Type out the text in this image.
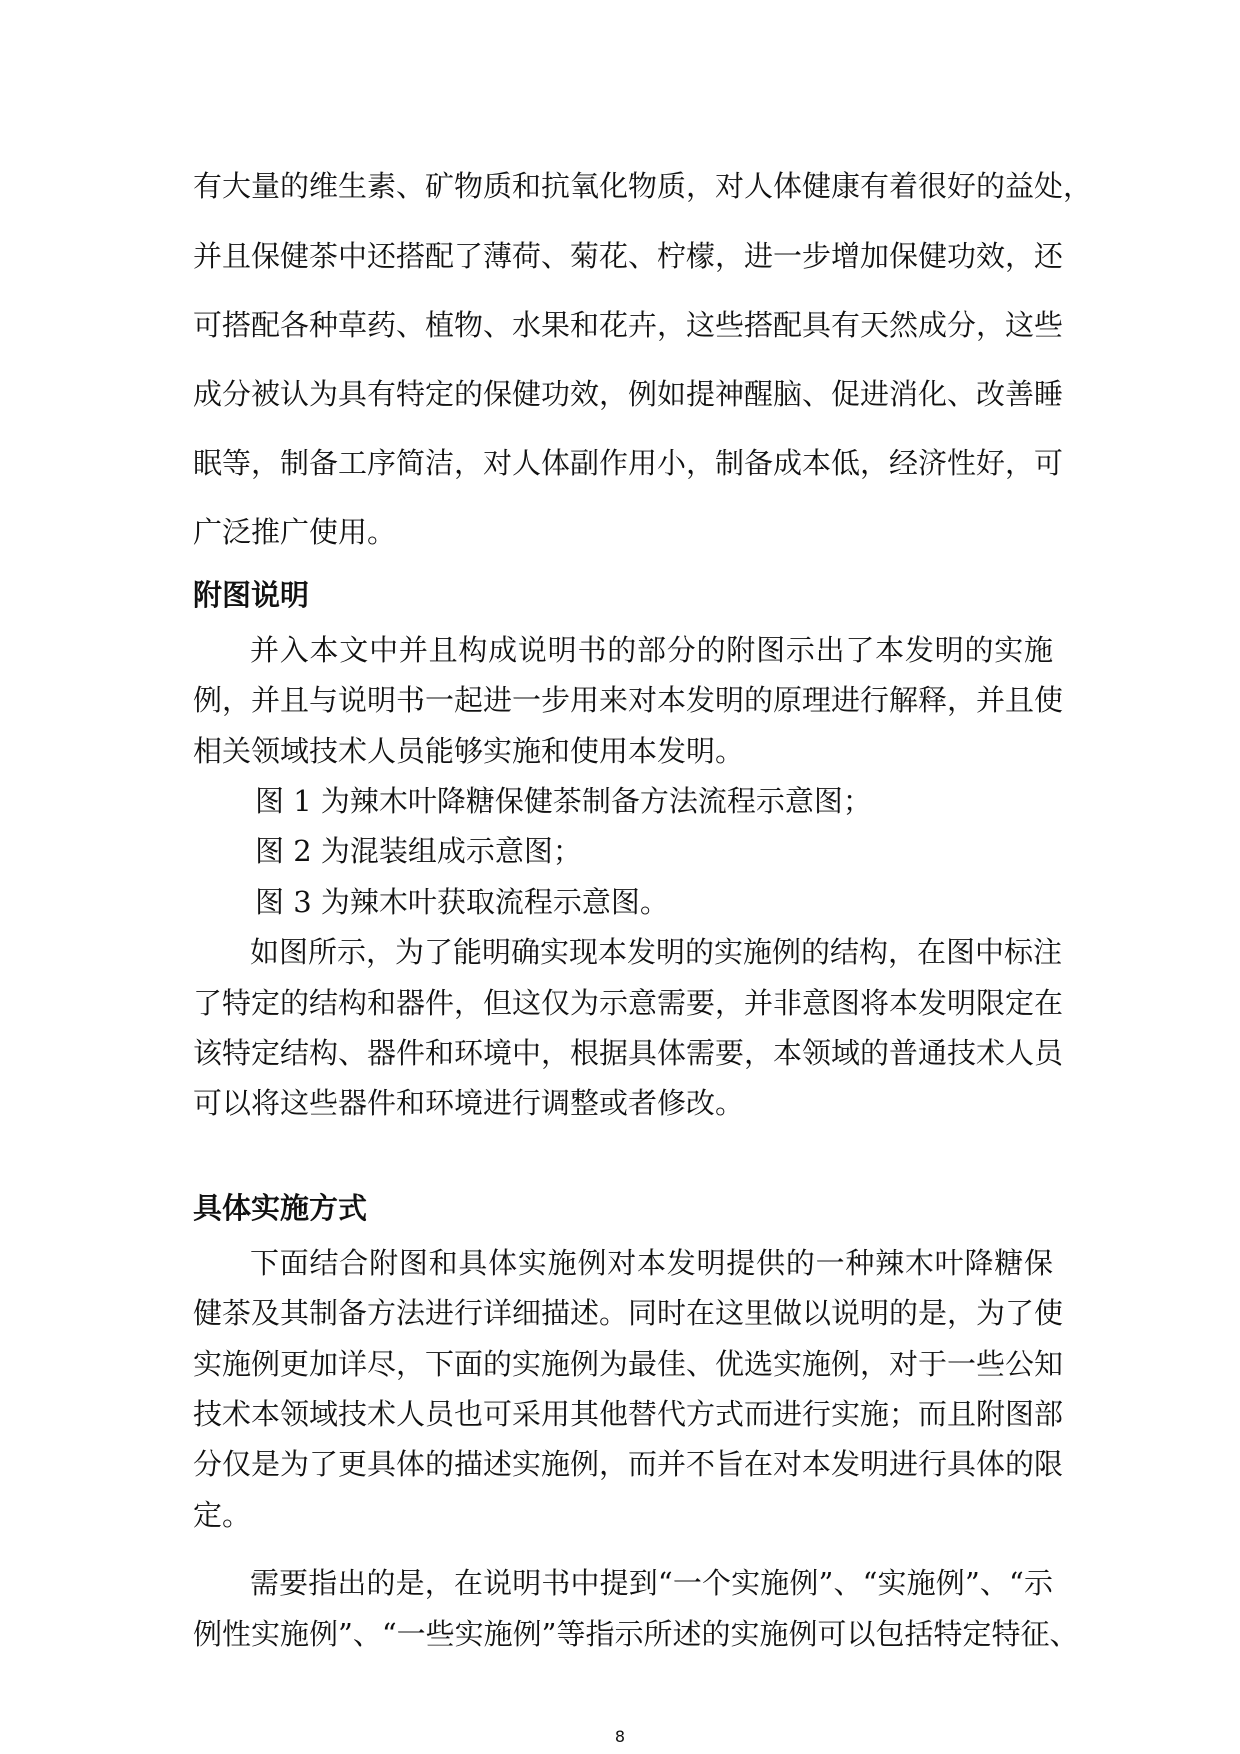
有大量的维生素、矿物质和抗氧化物质，对人体健康有着很好的益处，

并且保健茶中还搭配了薄荷、菊花、柠檬，进一步增加保健功效，还

可搭配各种草药、植物、水果和花卉，这些搭配具有天然成分，这些

成分被认为具有特定的保健功效，例如提神醒脑、促进消化、改善睡

眠等，制备工序简洁，对人体副作用小，制备成本低，经济性好，可

广泛推广使用。

附图说明

并入本文中并且构成说明书的部分的附图示出了本发明的实施

例，并且与说明书一起进一步用来对本发明的原理进行解释，并且使

相关领域技术人员能够实施和使用本发明。

图 1 为辣木叶降糖保健茶制备方法流程示意图；

图 2 为混装组成示意图；

图 3 为辣木叶获取流程示意图。

如图所示，为了能明确实现本发明的实施例的结构，在图中标注

了特定的结构和器件，但这仅为示意需要，并非意图将本发明限定在

该特定结构、器件和环境中，根据具体需要，本领域的普通技术人员

可以将这些器件和环境进行调整或者修改。

具体实施方式

下面结合附图和具体实施例对本发明提供的一种辣木叶降糖保

健茶及其制备方法进行详细描述。同时在这里做以说明的是，为了使

实施例更加详尽，下面的实施例为最佳、优选实施例，对于一些公知

技术本领域技术人员也可采用其他替代方式而进行实施；而且附图部

分仅是为了更具体的描述实施例，而并不旨在对本发明进行具体的限

定。

需要指出的是，在说明书中提到“一个实施例”、“实施例”、“示

例性实施例”、“一些实施例”等指示所述的实施例可以包括特定特征、

8
